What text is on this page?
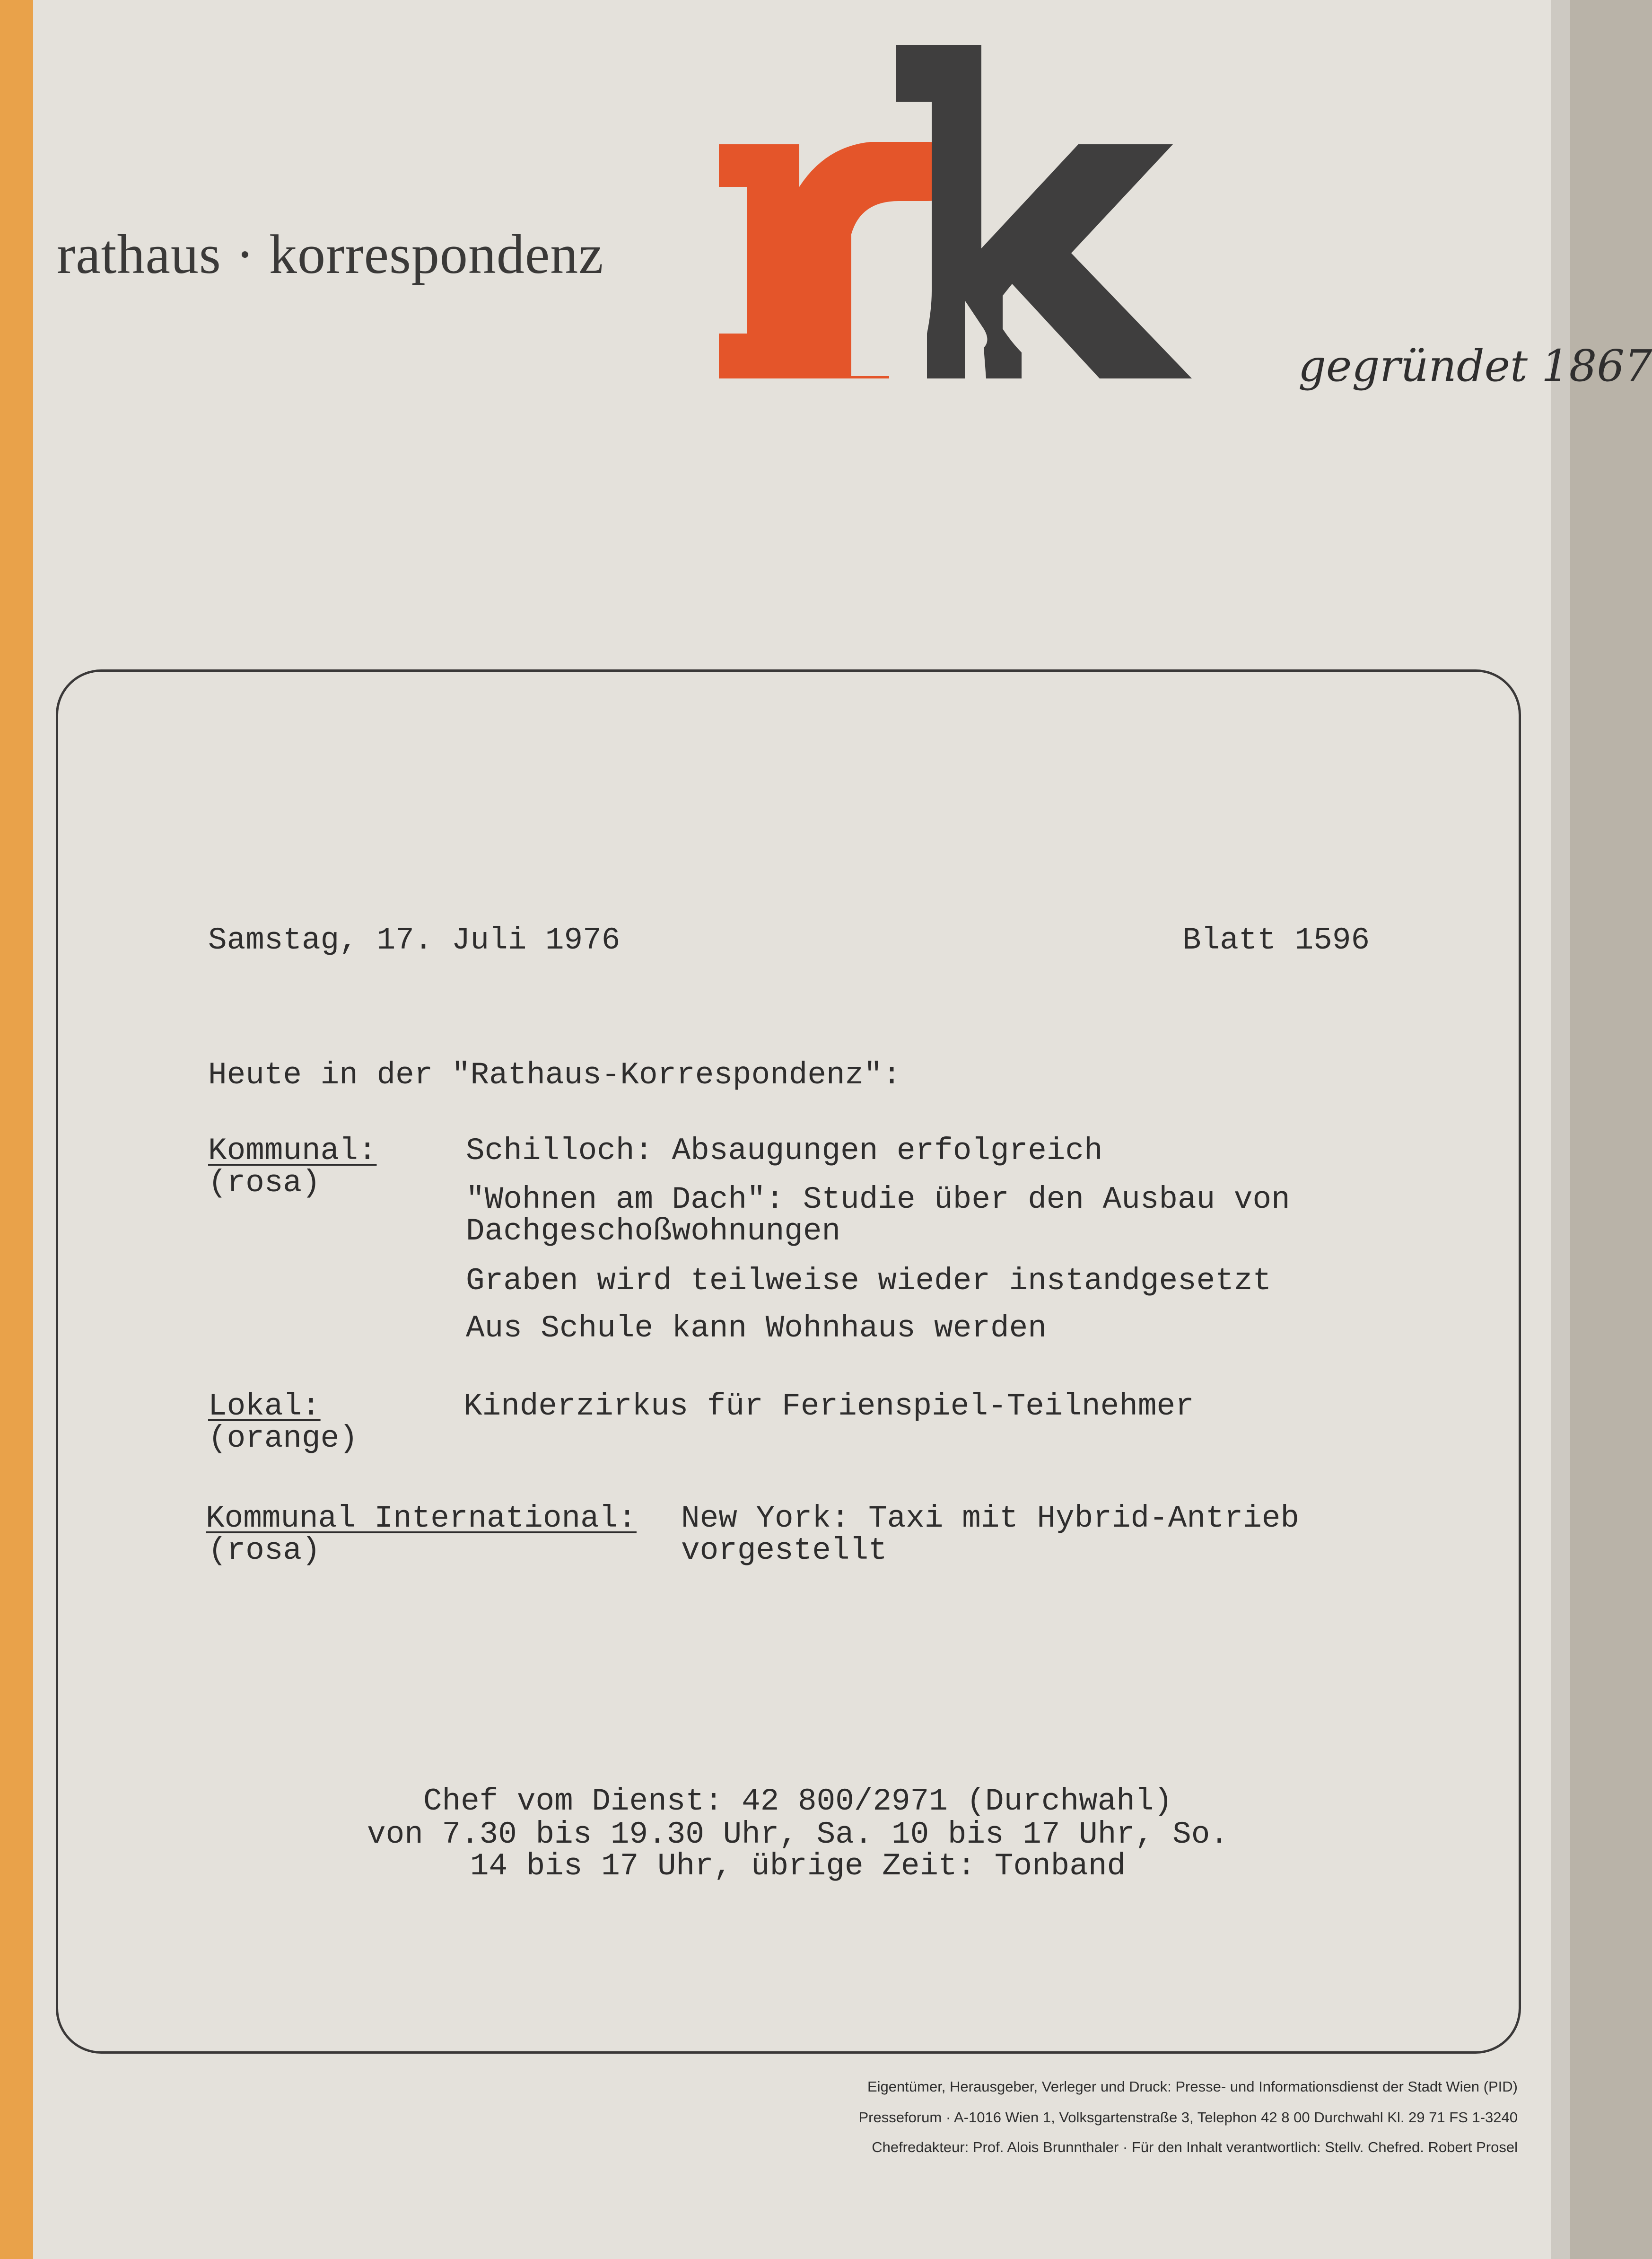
rathaus · korrespondenz
gegründet 1867
Samstag, 17. Juli 1976	Blatt 1596
Heute in der "Rathaus-Korrespondenz":
Kommunal:
(rosa)
Schilloch: Absaugungen erfolgreich
"Wohnen am Dach": Studie über den Ausbau von
Dachgeschoßwohnungen
Graben wird teilweise wieder instandgesetzt
Aus Schule kann Wohnhaus werden
Lokal:
(orange)
Kinderzirkus für Ferienspiel-Teilnehmer
Kommunal International:
(rosa)
New York: Taxi mit Hybrid-Antrieb
vorgestellt
Chef vom Dienst: 42 800/2971 (Durchwahl)
von 7.30 bis 19.30 Uhr, Sa. 10 bis 17 Uhr, So.
14 bis 17 Uhr, übrige Zeit: Tonband
Eigentümer, Herausgeber, Verleger und Druck: Presse- und Informationsdienst der Stadt Wien (PID)
Presseforum · A-1016 Wien 1, Volksgartenstraße 3, Telephon 42 8 00 Durchwahl Kl. 29 71 FS 1-3240
Chefredakteur: Prof. Alois Brunnthaler · Für den Inhalt verantwortlich: Stellv. Chefred. Robert Prosel
